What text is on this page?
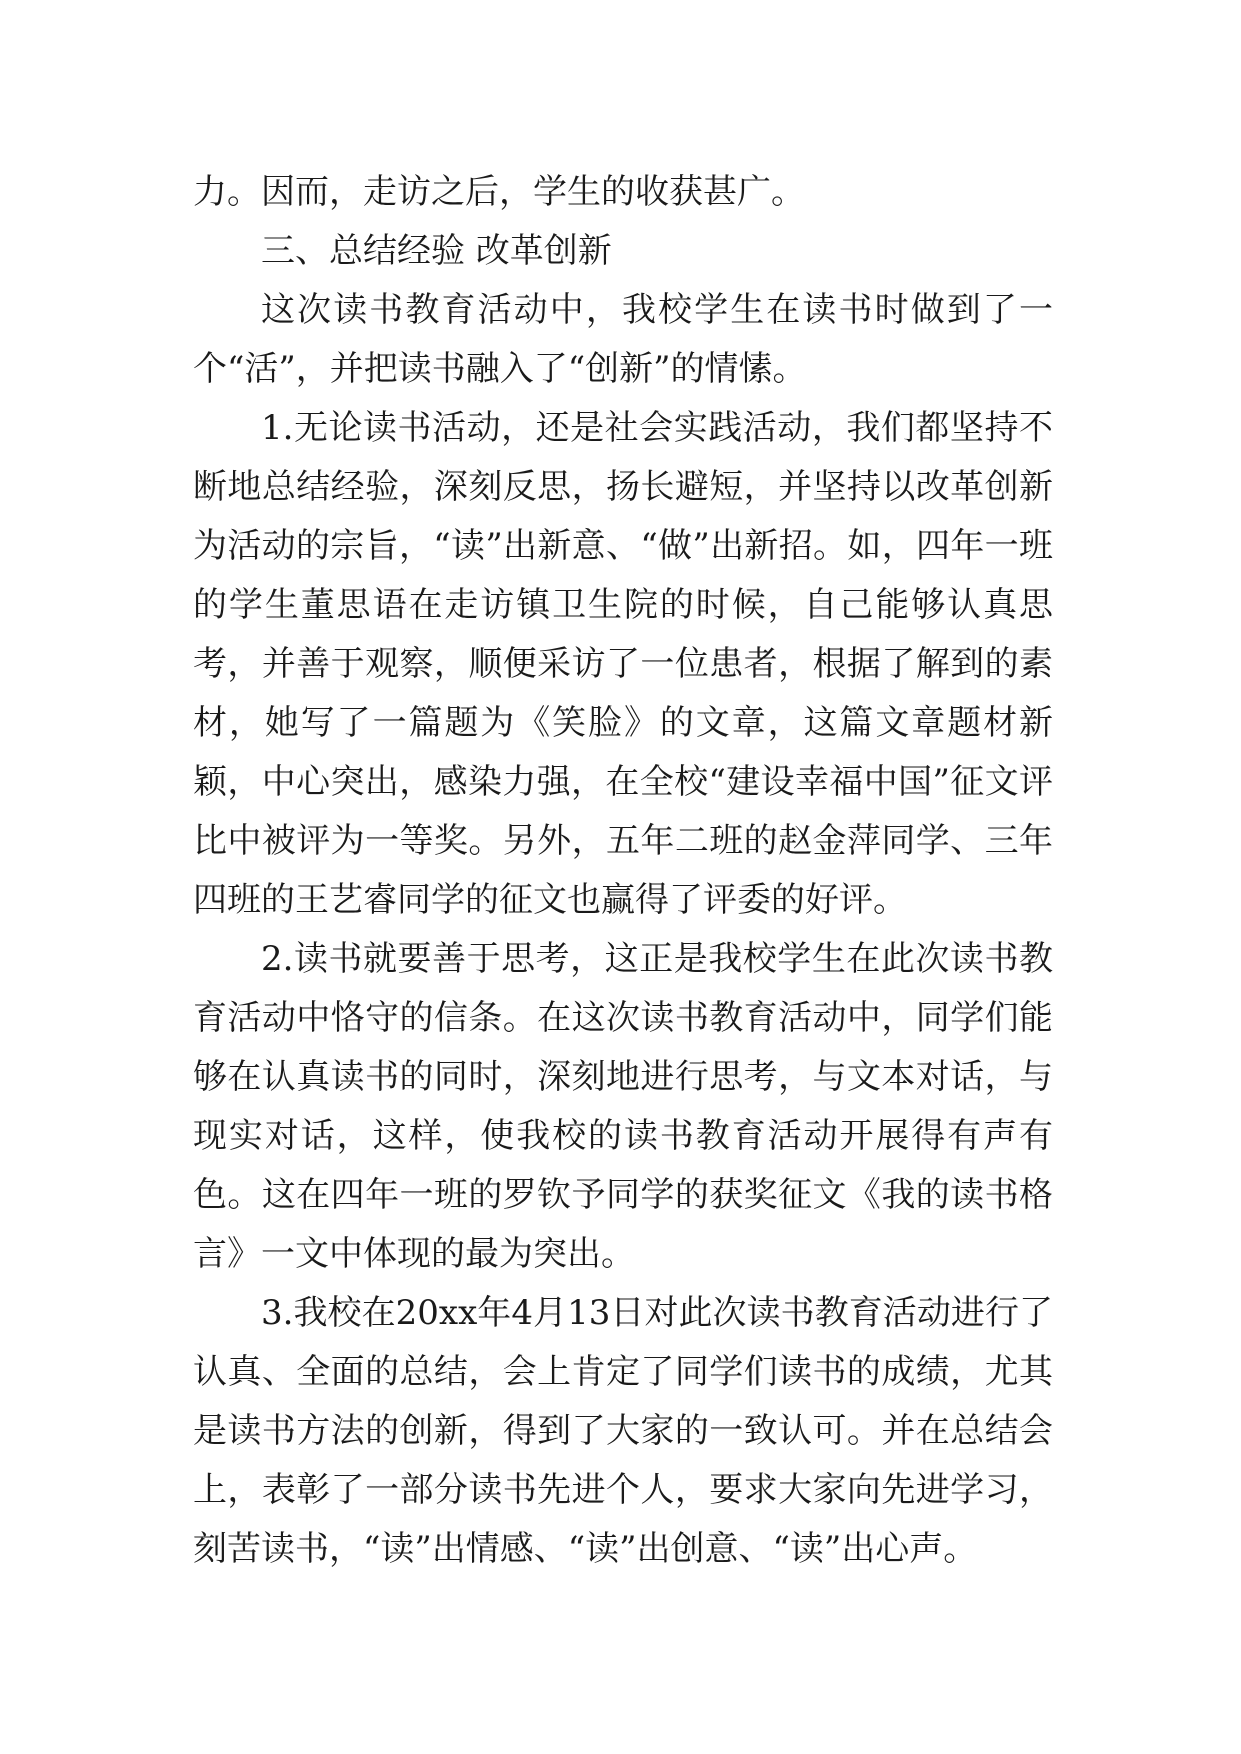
力。因而，走访之后，学生的收获甚广。

三、总结经验 改革创新

这次读书教育活动中，我校学生在读书时做到了一个“活”，并把读书融入了“创新”的情愫。

1.无论读书活动，还是社会实践活动，我们都坚持不断地总结经验，深刻反思，扬长避短，并坚持以改革创新为活动的宗旨，“读”出新意、“做”出新招。如，四年一班的学生董思语在走访镇卫生院的时候，自己能够认真思考，并善于观察，顺便采访了一位患者，根据了解到的素材，她写了一篇题为《笑脸》的文章，这篇文章题材新颖，中心突出，感染力强，在全校“建设幸福中国”征文评比中被评为一等奖。另外，五年二班的赵金萍同学、三年四班的王艺睿同学的征文也赢得了评委的好评。

2.读书就要善于思考，这正是我校学生在此次读书教育活动中恪守的信条。在这次读书教育活动中，同学们能够在认真读书的同时，深刻地进行思考，与文本对话，与现实对话，这样，使我校的读书教育活动开展得有声有色。这在四年一班的罗钦予同学的获奖征文《我的读书格言》一文中体现的最为突出。

3.我校在20xx年4月13日对此次读书教育活动进行了认真、全面的总结，会上肯定了同学们读书的成绩，尤其是读书方法的创新，得到了大家的一致认可。并在总结会上，表彰了一部分读书先进个人，要求大家向先进学习，刻苦读书，“读”出情感、“读”出创意、“读”出心声。
